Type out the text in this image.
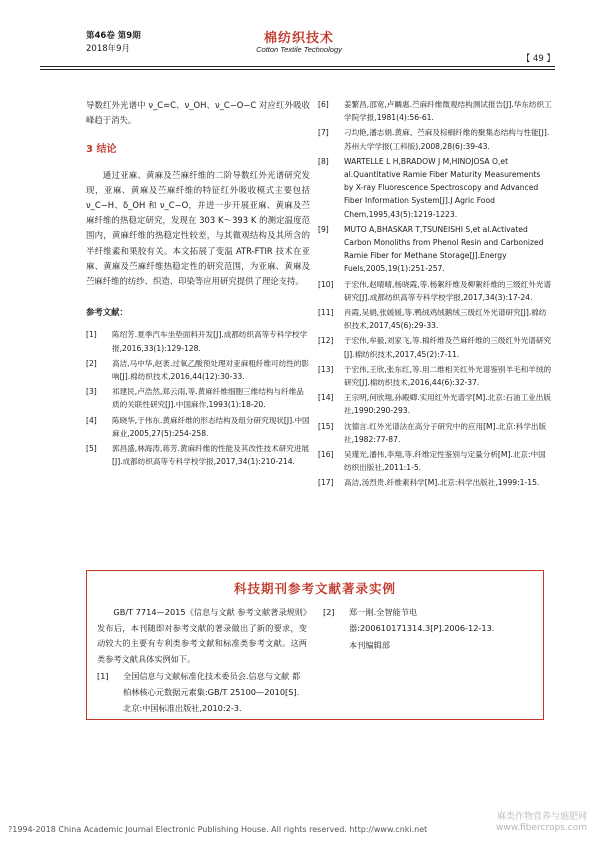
第46卷 第9期
2018年9月
棉纺织技术
Cotton Textile Technology
【 49 】

导数红外光谱中 ν_C=C、ν_OH、ν_C−O−C 对应红外吸收峰趋于消失。

3 结论

通过亚麻、黄麻及苎麻纤维的二阶导数红外光谱研究发现，亚麻、黄麻及苎麻纤维的特征红外吸收模式主要包括 ν_C−H、δ_OH 和 ν_C−O，并进一步开展亚麻、黄麻及苎麻纤维的热稳定研究，发现在 303 K～393 K 的测定温度范围内，黄麻纤维的热稳定性较差，与其微观结构及其所含的半纤维素和果胶有关。本文拓展了变温 ATR-FTIR 技术在亚麻、黄麻及苎麻纤维热稳定性的研究范围，为亚麻、黄麻及苎麻纤维的纺纱、织造、印染等应用研究提供了理论支持。

参考文献：
[1] 陈绍芳.夏季汽车坐垫面料开发[J].成都纺织高等专科学校学报,2016,33(1):129-128.
[2] 高洁,马中华,赵袤.过氧乙酸预处理对亚麻粗纤维可纺性的影响[J].棉纺织技术,2016,44(12):30-33.
[3] 祁建民,卢浩然,郑云雨,等.黄麻纤维细胞三维结构与纤维品质的关联性研究[J].中国麻作,1993(1):18-20.
[4] 陈晓华,于伟东.黄麻纤维的形态结构及组分研究现状[J].中国麻业,2005,27(5):254-258.
[5] 郭昌盛,林海涛,蒋芳.黄麻纤维的性能及其改性技术研究进展[J].成都纺织高等专科学校学报,2017,34(1):210-214.
[6] 姜繁昌,邵宽,卢麟惠.苎麻纤维微观结构测试报告[J].华东纺织工学院学报,1981(4):56-61.
[7] 刁均艳,潘志娟.黄麻、苎麻及棕榈纤维的聚集态结构与性能[J].苏州大学学报(工科版),2008,28(6):39-43.
[8] WARTELLE L H,BRADOW J M,HINOJOSA O,et al.Quantitative Ramie Fiber Maturity Measurements by X-ray Fluorescence Spectroscopy and Advanced Fiber Information System[J].J Agric Food Chem,1995,43(5):1219-1223.
[9] MUTO A,BHASKAR T,TSUNEISHI S,et al.Activated Carbon Monoliths from Phenol Resin and Carbonized Ramie Fiber for Methane Storage[J].Energy Fuels,2005,19(1):251-257.
[10] 于宏伟,赵晴晴,杨晓霞,等.杨絮纤维及柳絮纤维的三级红外光谱研究[J].成都纺织高等专科学校学报,2017,34(3):17-24.
[11] 肖霞,吴娟,张媛媛,等.鸭绒鸡绒鹅绒三级红外光谱研究[J].棉纺织技术,2017,45(6):29-33.
[12] 于宏伟,牟毅,刘家飞,等.棉纤维及苎麻纤维的三级红外光谱研究[J].棉纺织技术,2017,45(2):7-11.
[13] 于宏伟,王欣,张东红,等.用二维相关红外光谱鉴别羊毛和羊绒的研究[J].棉纺织技术,2016,44(6):32-37.
[14] 王宗明,何欣翔,孙殿卿.实用红外光谱学[M].北京:石油工业出版社,1990:290-293.
[15] 沈德言.红外光谱法在高分子研究中的应用[M].北京:科学出版社,1982:77-87.
[16] 吴瑾光,潘伟,李翔,等.纤维定性鉴别与定量分析[M].北京:中国纺织出版社,2011:1-5.
[17] 高洁,汤烈贵.纤维素科学[M].北京:科学出版社,1999:1-15.
科技期刊参考文献著录实例

GB/T 7714—2015《信息与文献 参考文献著录规则》发布后，本刊随即对参考文献的著录做出了新的要求，变动较大的主要有专利类参考文献和标准类参考文献。这两类参考文献具体实例如下。

[1] 全国信息与文献标准化技术委员会.信息与文献 都柏林核心元数据元素集:GB/T 25100—2010[S].北京:中国标准出版社,2010:2-3.
[2] 郑一刚.全智能节电器:200610171314.3[P].2006-12-13.
本刊编辑部
?1994-2018 China Academic Journal Electronic Publishing House. All rights reserved. http://www.cnki.net
麻类作物营养与施肥网
www.fibercrops.com
